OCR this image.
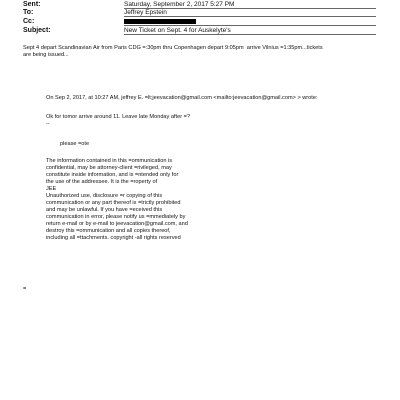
Sent:	Saturday, September 2, 2017 5:27 PM
To:	Jeffrey Epstein
Cc:
Subject:	New Ticket on Sept. 4 for Auskelyte's
Sept 4 depart Scandinavian Air from Paris CDG =:30pm thru Copenhagen depart 9:05pm  arrive Vilnius =1:35pm...tickets
are being issued...
On Sep 2, 2017, at 10:27 AM, jeffrey E. =lt;jeevacation@gmail.com <mailto:jeevacation@gmail.com> > wrote:
Ok for tomor arrive around 11. Leave late Monday after =?
--
please =ote
The information contained in this =ommunication is
confidential, may be attorney-client =rivileged, may
constitute inside information, and is =ntended only for
the use of the addressee. It is the =roperty of
JEE
Unauthorized use, disclosure =r copying of this
communication or any part thereof is =trictly prohibited
and may be unlawful. If you have =eceived this
communication in error, please notify us =mmediately by
return e-mail or by e-mail to jeevacation@gmail.com, and
destroy this =ommunication and all copies thereof,
including all =ttachments. copyright -all rights reserved
=
